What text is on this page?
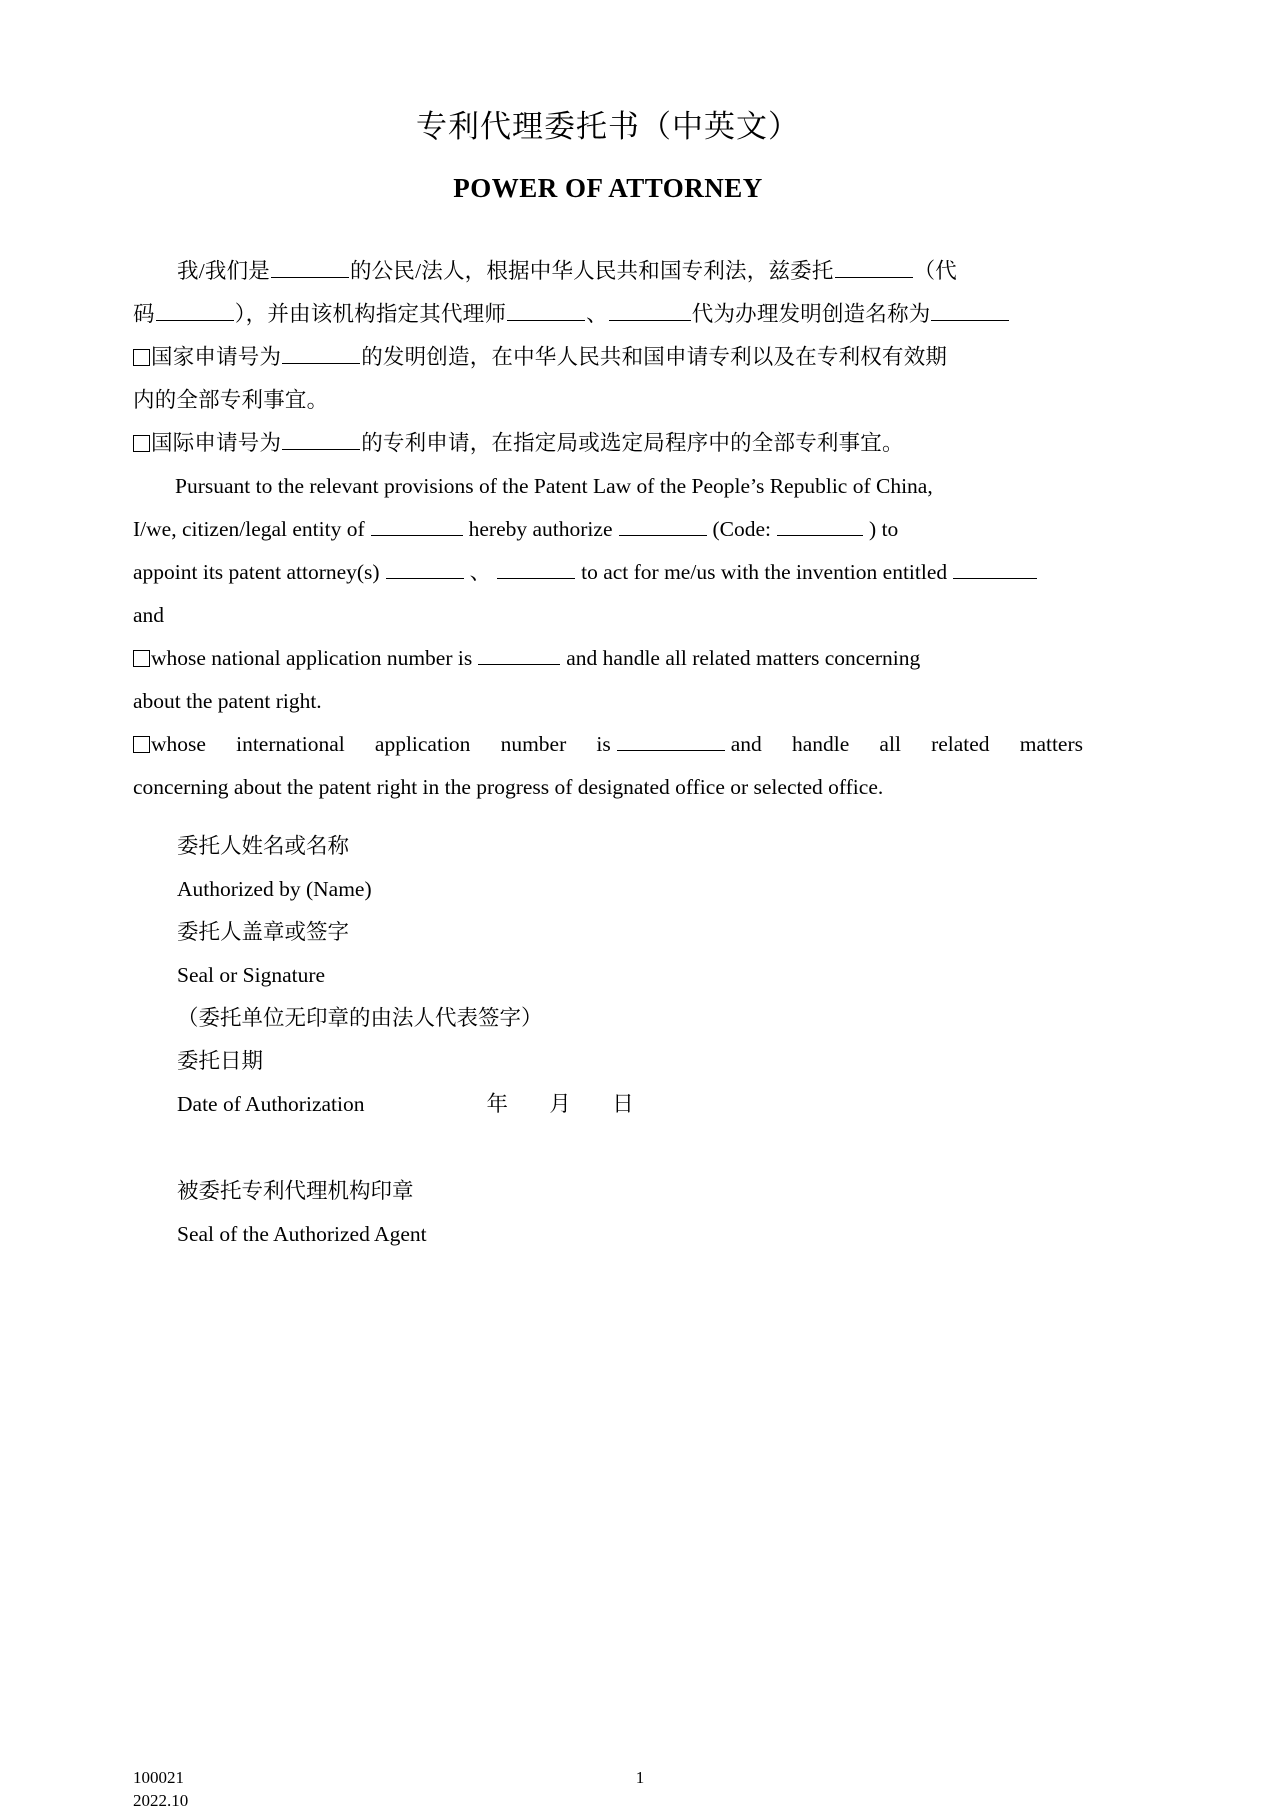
专利代理委托书（中英文）
POWER OF ATTORNEY
我/我们是	的公民/法人，根据中华人民共和国专利法，兹委托	（代
码	），并由该机构指定其代理师	、	代为办理发明创造名称为
国家申请号为	的发明创造，在中华人民共和国申请专利以及在专利权有效期
内的全部专利事宜。
国际申请号为	的专利申请，在指定局或选定局程序中的全部专利事宜。
Pursuant to the relevant provisions of the Patent Law of the People’s Republic of China,
I/we, citizen/legal entity of	hereby authorize	(Code:	) to
appoint its patent attorney(s)	、	to act for me/us with the invention entitled
and
whose national application number is	and handle all related matters concerning
about the patent right.
whose international application number is	and handle all related matters
concerning about the patent right in the progress of designated office or selected office.
委托人姓名或名称
Authorized by (Name)
委托人盖章或签字
Seal or Signature
（委托单位无印章的由法人代表签字）
委托日期
Date of Authorization	年 月 日
被委托专利代理机构印章
Seal of the Authorized Agent
100021
2022.10
1
